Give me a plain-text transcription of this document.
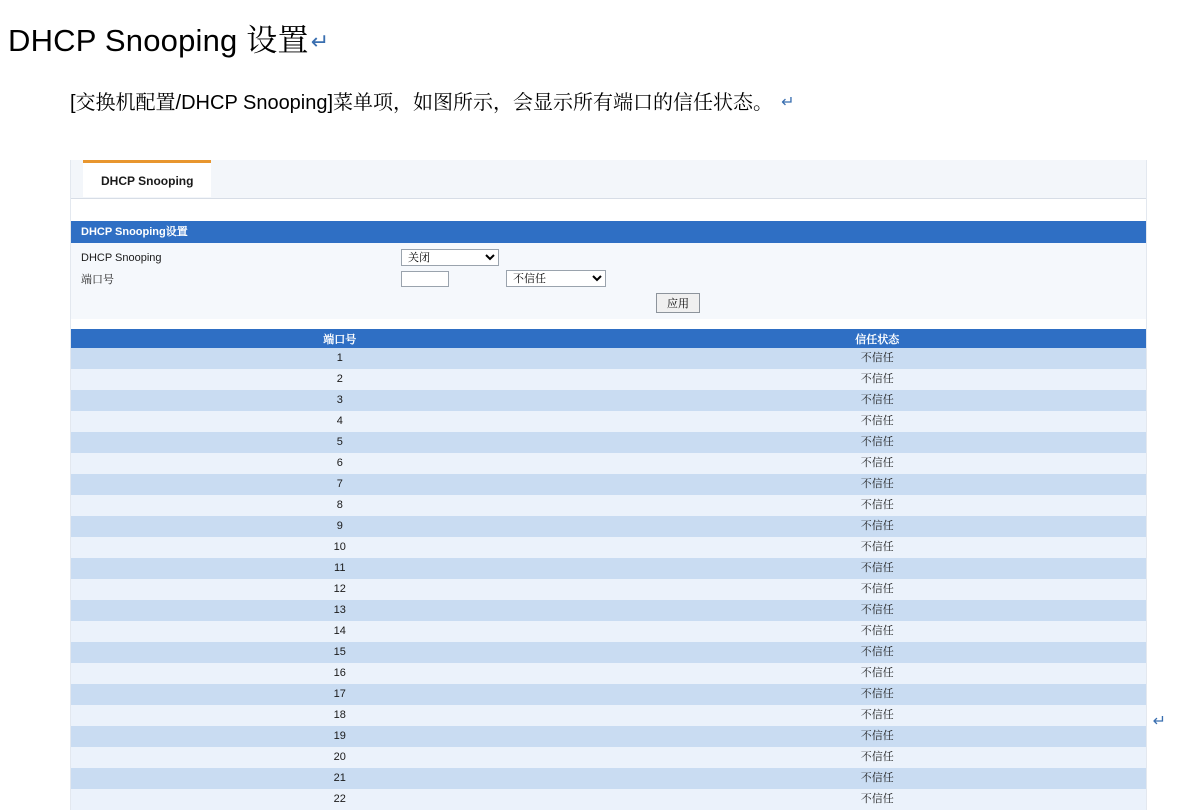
DHCP Snooping 设置↵

[交换机配置/DHCP Snooping]菜单项，如图所示，会显示所有端口的信任状态。 ↵

DHCP Snooping
DHCP Snooping设置
DHCP Snooping
关闭
端口号
不信任
应用
端口号	信任状态
1	不信任
2	不信任
3	不信任
4	不信任
5	不信任
6	不信任
7	不信任
8	不信任
9	不信任
10	不信任
11	不信任
12	不信任
13	不信任
14	不信任
15	不信任
16	不信任
17	不信任
18	不信任
19	不信任
20	不信任
21	不信任
22	不信任
↵
